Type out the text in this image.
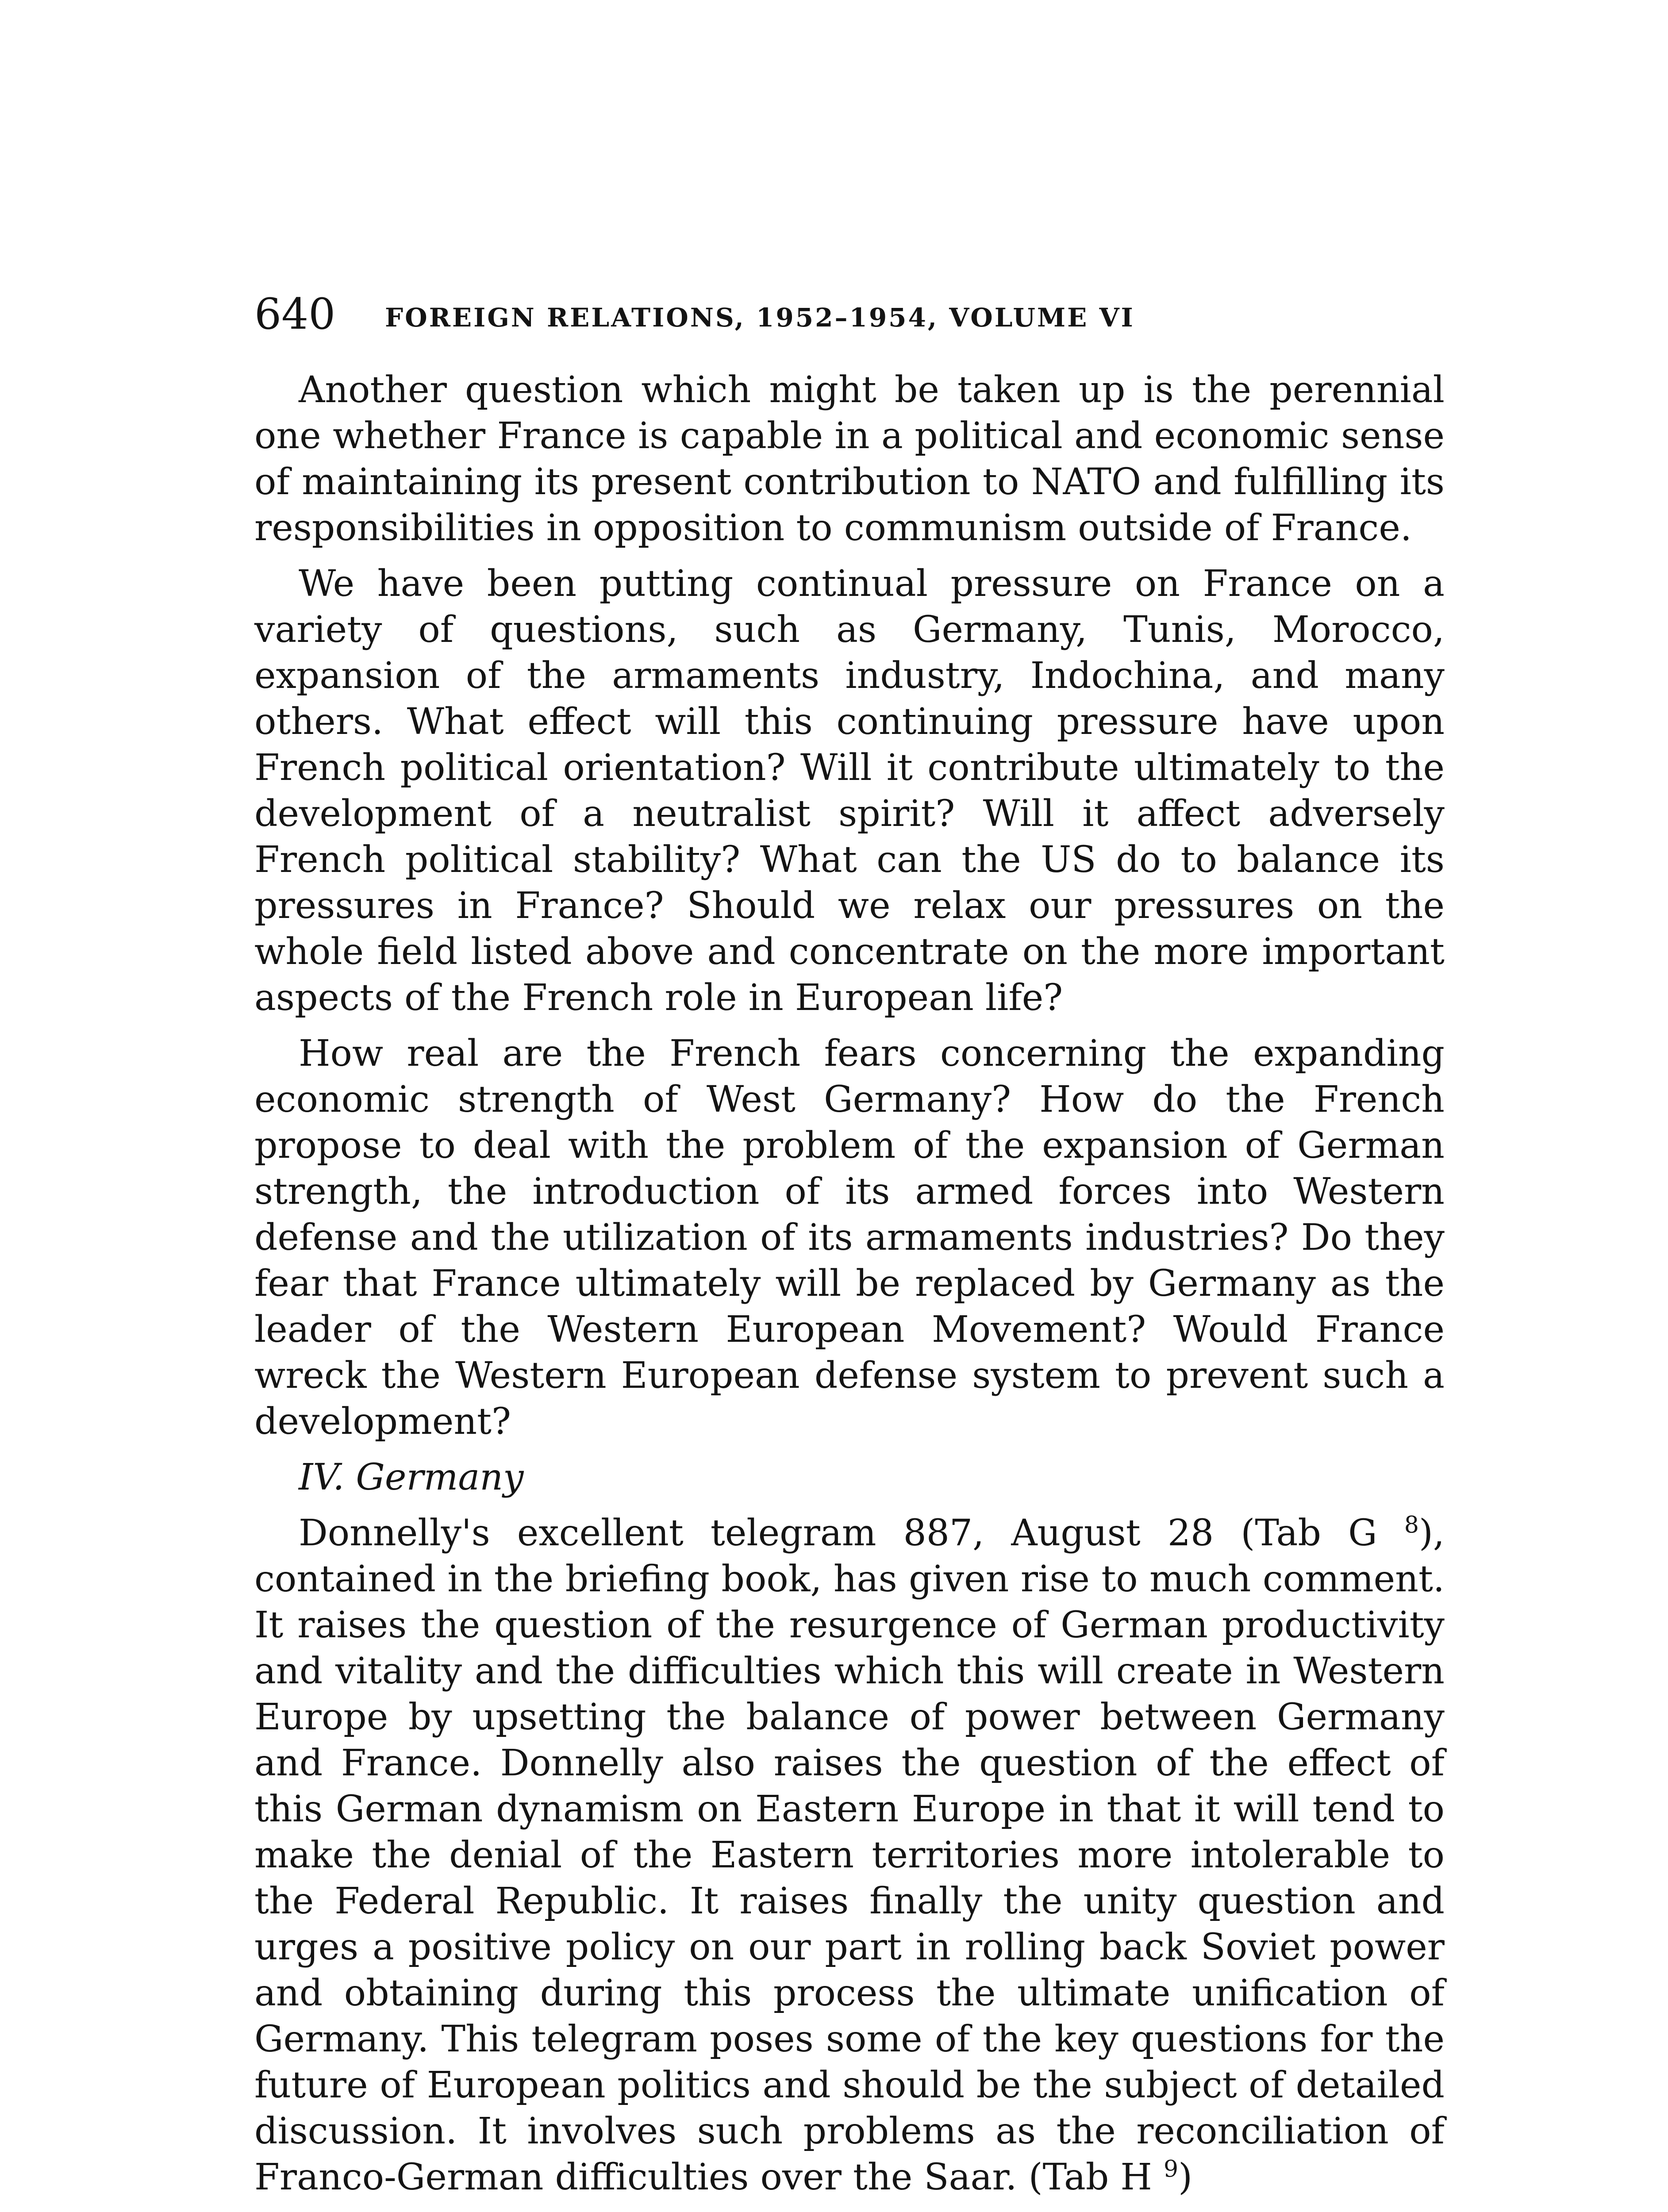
640 FOREIGN RELATIONS, 1952–1954, VOLUME VI

Another question which might be taken up is the perennial one whether France is capable in a political and economic sense of maintaining its present contribution to NATO and fulfilling its responsibilities in opposition to communism outside of France.

We have been putting continual pressure on France on a variety of questions, such as Germany, Tunis, Morocco, expansion of the armaments industry, Indochina, and many others. What effect will this continuing pressure have upon French political orientation? Will it contribute ultimately to the development of a neutralist spirit? Will it affect adversely French political stability? What can the US do to balance its pressures in France? Should we relax our pressures on the whole field listed above and concentrate on the more important aspects of the French role in European life?

How real are the French fears concerning the expanding economic strength of West Germany? How do the French propose to deal with the problem of the expansion of German strength, the introduction of its armed forces into Western defense and the utilization of its armaments industries? Do they fear that France ultimately will be replaced by Germany as the leader of the Western European Movement? Would France wreck the Western European defense system to prevent such a development?

IV. Germany

Donnelly's excellent telegram 887, August 28 (Tab G $^8$), contained in the briefing book, has given rise to much comment. It raises the question of the resurgence of German productivity and vitality and the difficulties which this will create in Western Europe by upsetting the balance of power between Germany and France. Donnelly also raises the question of the effect of this German dynamism on Eastern Europe in that it will tend to make the denial of the Eastern territories more intolerable to the Federal Republic. It raises finally the unity question and urges a positive policy on our part in rolling back Soviet power and obtaining during this process the ultimate unification of Germany. This telegram poses some of the key questions for the future of European politics and should be the subject of detailed discussion. It involves such problems as the reconciliation of Franco-German difficulties over the Saar. (Tab H $^9$)
